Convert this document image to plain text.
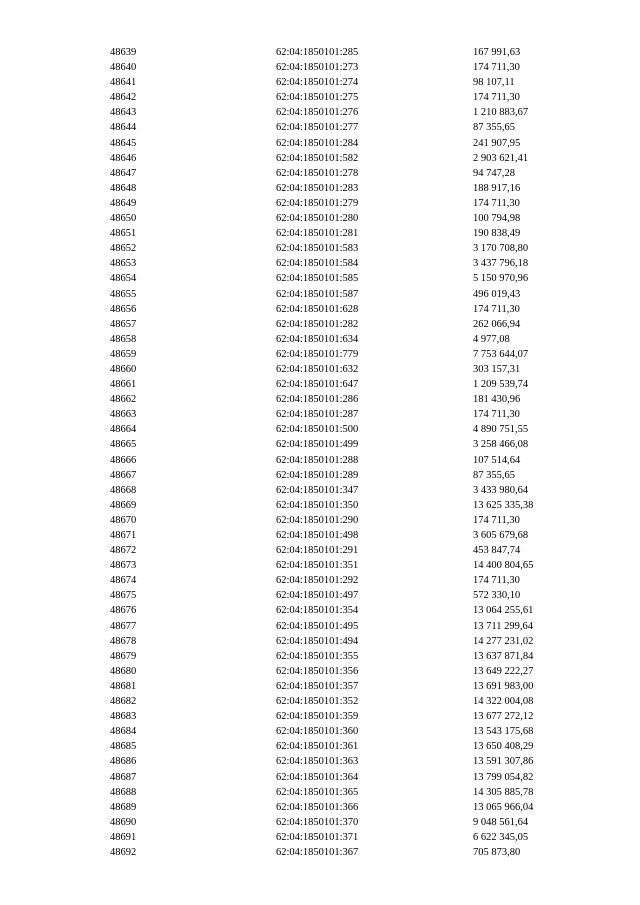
48639	62:04:1850101:285	167 991,63
48640	62:04:1850101:273	174 711,30
48641	62:04:1850101:274	98 107,11
48642	62:04:1850101:275	174 711,30
48643	62:04:1850101:276	1 210 883,67
48644	62:04:1850101:277	87 355,65
48645	62:04:1850101:284	241 907,95
48646	62:04:1850101:582	2 903 621,41
48647	62:04:1850101:278	94 747,28
48648	62:04:1850101:283	188 917,16
48649	62:04:1850101:279	174 711,30
48650	62:04:1850101:280	100 794,98
48651	62:04:1850101:281	190 838,49
48652	62:04:1850101:583	3 170 708,80
48653	62:04:1850101:584	3 437 796,18
48654	62:04:1850101:585	5 150 970,96
48655	62:04:1850101:587	496 019,43
48656	62:04:1850101:628	174 711,30
48657	62:04:1850101:282	262 066,94
48658	62:04:1850101:634	4 977,08
48659	62:04:1850101:779	7 753 644,07
48660	62:04:1850101:632	303 157,31
48661	62:04:1850101:647	1 209 539,74
48662	62:04:1850101:286	181 430,96
48663	62:04:1850101:287	174 711,30
48664	62:04:1850101:500	4 890 751,55
48665	62:04:1850101:499	3 258 466,08
48666	62:04:1850101:288	107 514,64
48667	62:04:1850101:289	87 355,65
48668	62:04:1850101:347	3 433 980,64
48669	62:04:1850101:350	13 625 335,38
48670	62:04:1850101:290	174 711,30
48671	62:04:1850101:498	3 605 679,68
48672	62:04:1850101:291	453 847,74
48673	62:04:1850101:351	14 400 804,65
48674	62:04:1850101:292	174 711,30
48675	62:04:1850101:497	572 330,10
48676	62:04:1850101:354	13 064 255,61
48677	62:04:1850101:495	13 711 299,64
48678	62:04:1850101:494	14 277 231,02
48679	62:04:1850101:355	13 637 871,84
48680	62:04:1850101:356	13 649 222,27
48681	62:04:1850101:357	13 691 983,00
48682	62:04:1850101:352	14 322 004,08
48683	62:04:1850101:359	13 677 272,12
48684	62:04:1850101:360	13 543 175,68
48685	62:04:1850101:361	13 650 408,29
48686	62:04:1850101:363	13 591 307,86
48687	62:04:1850101:364	13 799 054,82
48688	62:04:1850101:365	14 305 885,78
48689	62:04:1850101:366	13 065 966,04
48690	62:04:1850101:370	9 048 561,64
48691	62:04:1850101:371	6 622 345,05
48692	62:04:1850101:367	705 873,80
